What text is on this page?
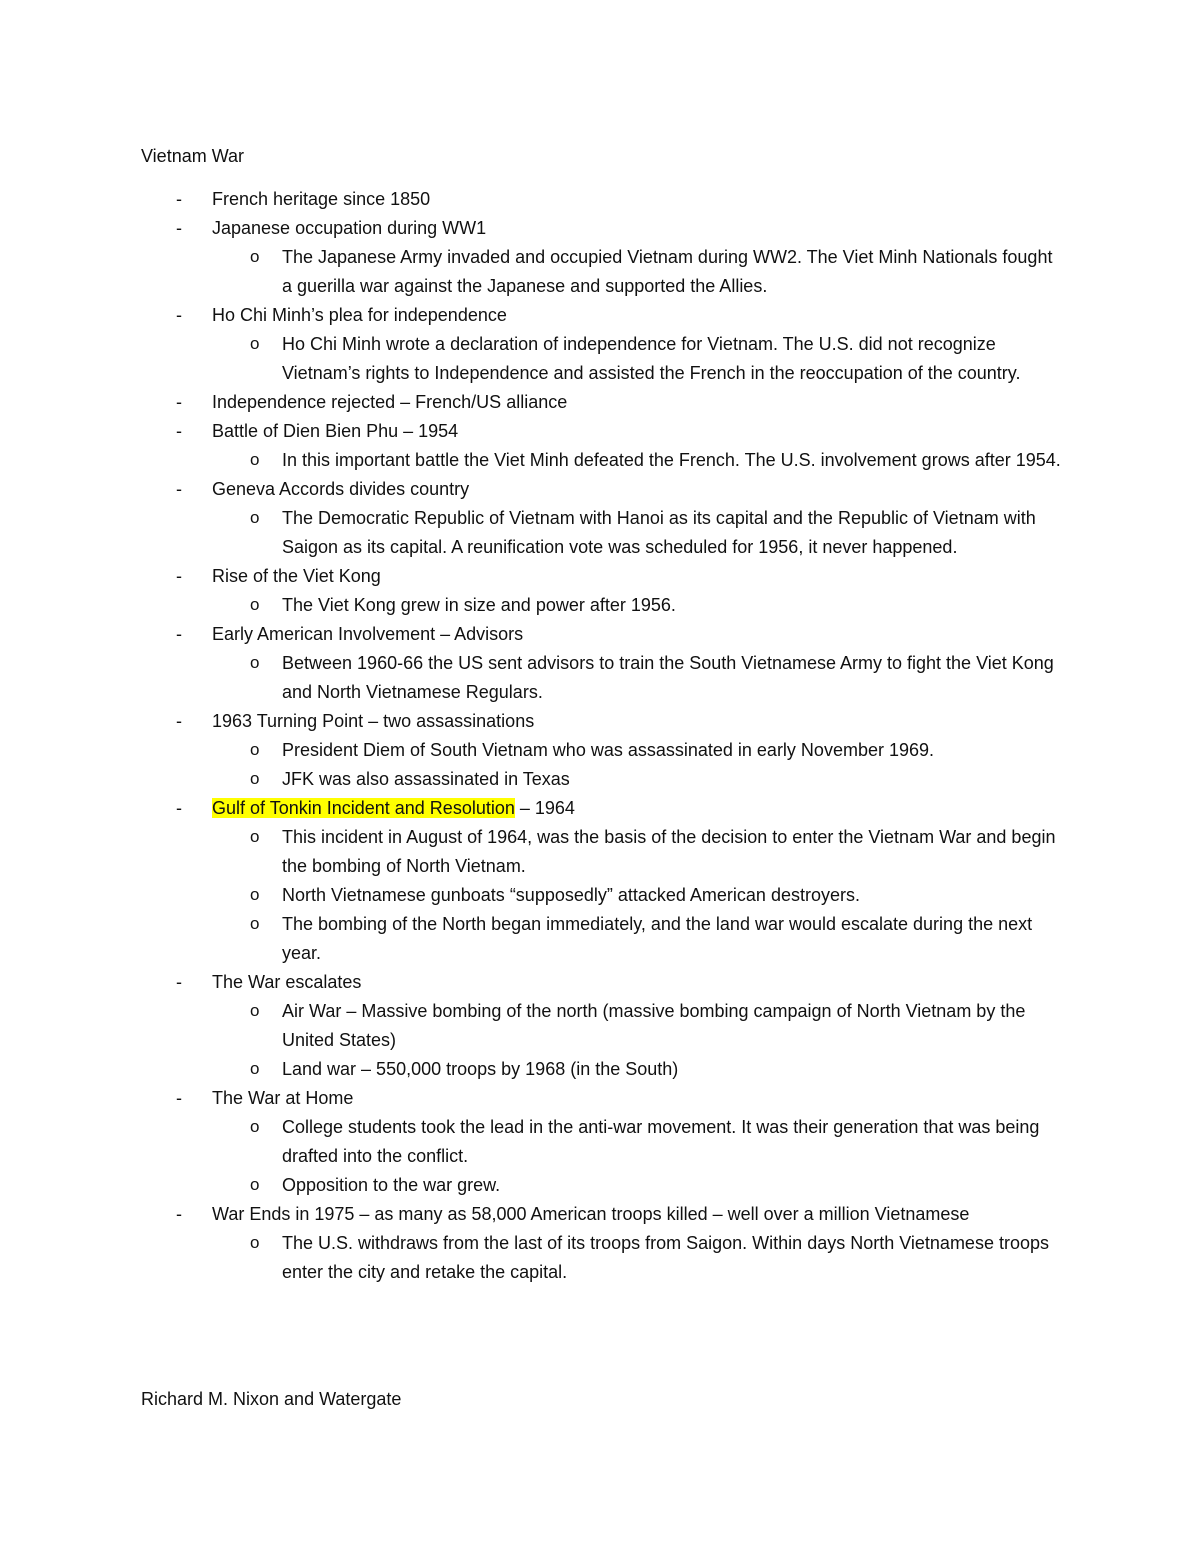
Vietnam War
- French heritage since 1850
- Japanese occupation during WW1
o The Japanese Army invaded and occupied Vietnam during WW2. The Viet Minh Nationals fought a guerilla war against the Japanese and supported the Allies.
- Ho Chi Minh’s plea for independence
o Ho Chi Minh wrote a declaration of independence for Vietnam. The U.S. did not recognize Vietnam’s rights to Independence and assisted the French in the reoccupation of the country.
- Independence rejected – French/US alliance
- Battle of Dien Bien Phu – 1954
o In this important battle the Viet Minh defeated the French. The U.S. involvement grows after 1954.
- Geneva Accords divides country
o The Democratic Republic of Vietnam with Hanoi as its capital and the Republic of Vietnam with Saigon as its capital. A reunification vote was scheduled for 1956, it never happened.
- Rise of the Viet Kong
o The Viet Kong grew in size and power after 1956.
- Early American Involvement – Advisors
o Between 1960-66 the US sent advisors to train the South Vietnamese Army to fight the Viet Kong and North Vietnamese Regulars.
- 1963 Turning Point – two assassinations
o President Diem of South Vietnam who was assassinated in early November 1969.
o JFK was also assassinated in Texas
- Gulf of Tonkin Incident and Resolution – 1964
o This incident in August of 1964, was the basis of the decision to enter the Vietnam War and begin the bombing of North Vietnam.
o North Vietnamese gunboats “supposedly” attacked American destroyers.
o The bombing of the North began immediately, and the land war would escalate during the next year.
- The War escalates
o Air War – Massive bombing of the north (massive bombing campaign of North Vietnam by the United States)
o Land war – 550,000 troops by 1968 (in the South)
- The War at Home
o College students took the lead in the anti-war movement. It was their generation that was being drafted into the conflict.
o Opposition to the war grew.
- War Ends in 1975 – as many as 58,000 American troops killed – well over a million Vietnamese
o The U.S. withdraws from the last of its troops from Saigon. Within days North Vietnamese troops enter the city and retake the capital.
Richard M. Nixon and Watergate
